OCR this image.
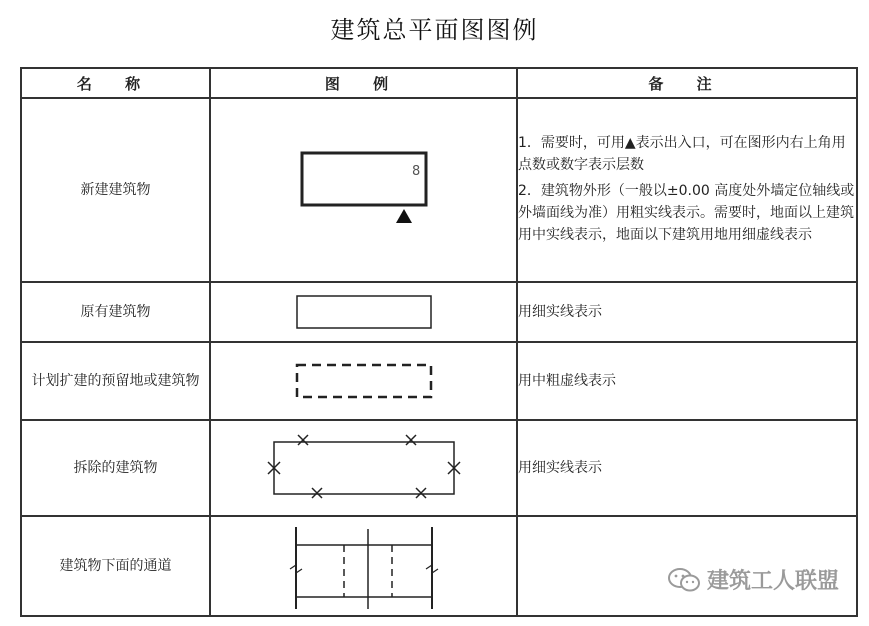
建筑总平面图图例
名 称	图 例	备 注
新建建筑物	8	1．需要时，可用▲表示出入口，可在图形内右上角用点数或数字表示层数

2．建筑物外形（一般以±0.00 高度处外墙定位轴线或外墙面线为准）用粗实线表示。需要时，地面以上建筑用中实线表示，地面以下建筑用地用细虚线表示

原有建筑物		用细实线表示
计划扩建的预留地或建筑物		用中粗虚线表示
拆除的建筑物		用细实线表示
建筑物下面的通道	

建筑工人联盟
